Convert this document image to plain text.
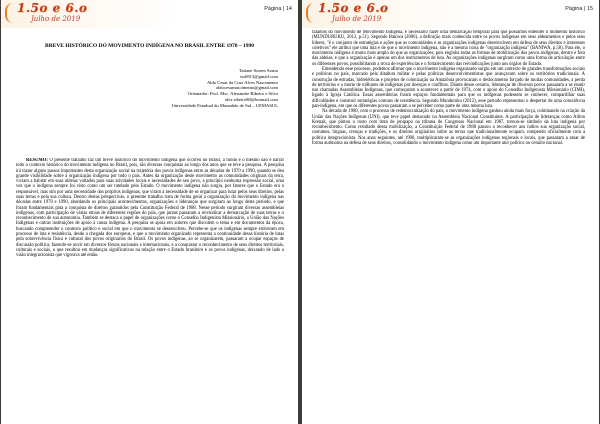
1.5o e 6.o
Julho de 2019
Página | 14
BREVE HISTÓRICO DO MOVIMENTO INDÍGENA NO BRASIL ENTRE 1970 – 1990
Tatiane Soares Sousa
tss0813@gmail.com
Aldo Cesar da Cruz Alves Nascimento
aldocesarnascimento@gmail.com
Orientador: Prof. Msc. Alexandre Ribeiro e Silva
alex.ribeiro88@hotmail.com
Universidade Estadual do Maranhão de Sul – UEMASUL

RESUMO: O presente trabalho faz um breve histórico do movimento indígena que ocorreu no Brasil, a fundo é o mesmo não é narrar todo o contexto histórico do movimento indígena no Brasil, pois, são diversas conquistas ao longo dos anos que se teve a pesquisa. A pesquisa irá trazer alguns passos importantes desta organização social na trajetória dos povos indígenas entre as décadas de 1970 a 1990, quando se deu grande visibilidade sobre a organização indígena por todo o país. Antes da organização deste movimento as comunidades originais da terra, viviam a habitar em suas aldeias voltados para suas atividades locais e necessidades de seu povo, a princípio nenhuma expressão social, uma vez que o indígena sempre foi visto como um ser tutelado pelo Estado. O movimento indígena não surgiu, por fatores que o Estado era o responsável, mas sim por uma necessidade dos próprios indígenas, que viram a necessidade de se organizar para lutar pelos seus direitos, pelas suas terras e pela sua cultura. Dentro destas perspectivas, o presente trabalho trata de forma geral a organização do movimento indígena nas décadas entre 1970 e 1990, abordando os principais acontecimentos, organizações e lideranças que surgiram ao longo deste período, e que foram fundamentais para a conquista de direitos garantidos pela Constituição Federal de 1988. Nesse período surgiram diversas assembleias indígenas, com participação de várias etnias de diferentes regiões do país, que juntas passaram a reivindicar a demarcação de suas terras e o reconhecimento de sua autonomia. Também se destaca o papel de organizações como o Conselho Indigenista Missionário, a União das Nações Indígenas e outras instituições de apoio à causa indígena. A pesquisa se apoia em autores que discutem o tema e em documentos da época, buscando compreender o contexto político e social em que o movimento se desenvolveu. Percebe-se que os indígenas sempre estiveram em processo de luta e resistência, desde a chegada dos europeus, e que o movimento organizado representa a continuidade dessa história de lutas pela sobrevivência física e cultural dos povos originários do Brasil. Os povos indígenas, ao se organizarem, passaram a ocupar espaços de discussão política, fazendo-se ouvir em diversos fóruns nacionais e internacionais, e a conquistar o reconhecimento de seus direitos territoriais, culturais e sociais, o que resultou em mudanças significativas na relação entre o Estado brasileiro e os povos indígenas, deixando de lado a visão integracionista que vigorava até então.

1.5o e 6.o
Julho de 2019
Página | 15

falamos do movimento de Movimento Indígena, é necessário fazer uma demarcação temporal para que possamos entender o momento histórico (MUNDURUKU, 2012, p.51). Segundo Baniwa (2006), a definição mais conhecida entre os povos indígenas em seus aldeamentos e pelos seus líderes, "é o conjunto de estratégias e ações que as comunidades e as organizações indígenas desenvolvem em defesa de seus direitos e interesses coletivos" ele atribui que uma luta e de que o movimento indígena, não é a mesma coisa de "organização indígena" (BANIWA, p.58). Para ele, o movimento indígena é muito mais amplo do que as organizações, pois engloba todas as formas de mobilização dos povos indígenas, dentro e fora das aldeias, e que a organização é apenas um dos instrumentos de luta. As organizações indígenas surgiram como uma forma de articulação entre os diferentes povos, possibilitando a troca de experiências e o fortalecimento das reivindicações junto aos órgãos do Estado.

Entendendo esse processo, podemos afirmar que o movimento indígena organizado surgiu em um contexto de grandes transformações sociais e políticas no país, marcado pela ditadura militar e pelas políticas desenvolvimentistas que avançavam sobre os territórios tradicionais. A construção de estradas, hidrelétricas e projetos de colonização na Amazônia provocaram o deslocamento forçado de muitas comunidades, a perda de territórios e a morte de milhares de indígenas por doenças e conflitos. Diante desse cenário, lideranças de diversos povos passaram a se reunir nas chamadas Assembleias Indígenas, que começaram a acontecer a partir de 1974, com o apoio do Conselho Indigenista Missionário (CIMI), ligado à Igreja Católica. Essas assembleias foram espaços fundamentais para que os indígenas pudessem se conhecer, compartilhar suas dificuldades e construir estratégias comuns de resistência. Segundo Munduruku (2012), esse período representou o despertar de uma consciência pan-indígena, em que os diferentes povos passaram a se perceber como parte de uma mesma luta.

Na década de 1980, com o processo de redemocratização do país, o movimento indígena ganhou ainda mais força, culminando na criação da União das Nações Indígenas (UNI), que teve papel destacado na Assembleia Nacional Constituinte. A participação de lideranças como Ailton Krenak, que pintou o rosto com tinta de jenipapo na tribuna do Congresso Nacional em 1987, tornou-se símbolo da luta indígena por reconhecimento. Como resultado dessa mobilização, a Constituição Federal de 1988 passou a reconhecer aos índios sua organização social, costumes, línguas, crenças e tradições, e os direitos originários sobre as terras que tradicionalmente ocupam, rompendo oficialmente com a política integracionista. Nos anos seguintes, até 1990, multiplicaram-se as organizações indígenas regionais e locais, que passaram a atuar de forma autônoma na defesa de seus direitos, consolidando o movimento indígena como um importante ator político no cenário nacional.
